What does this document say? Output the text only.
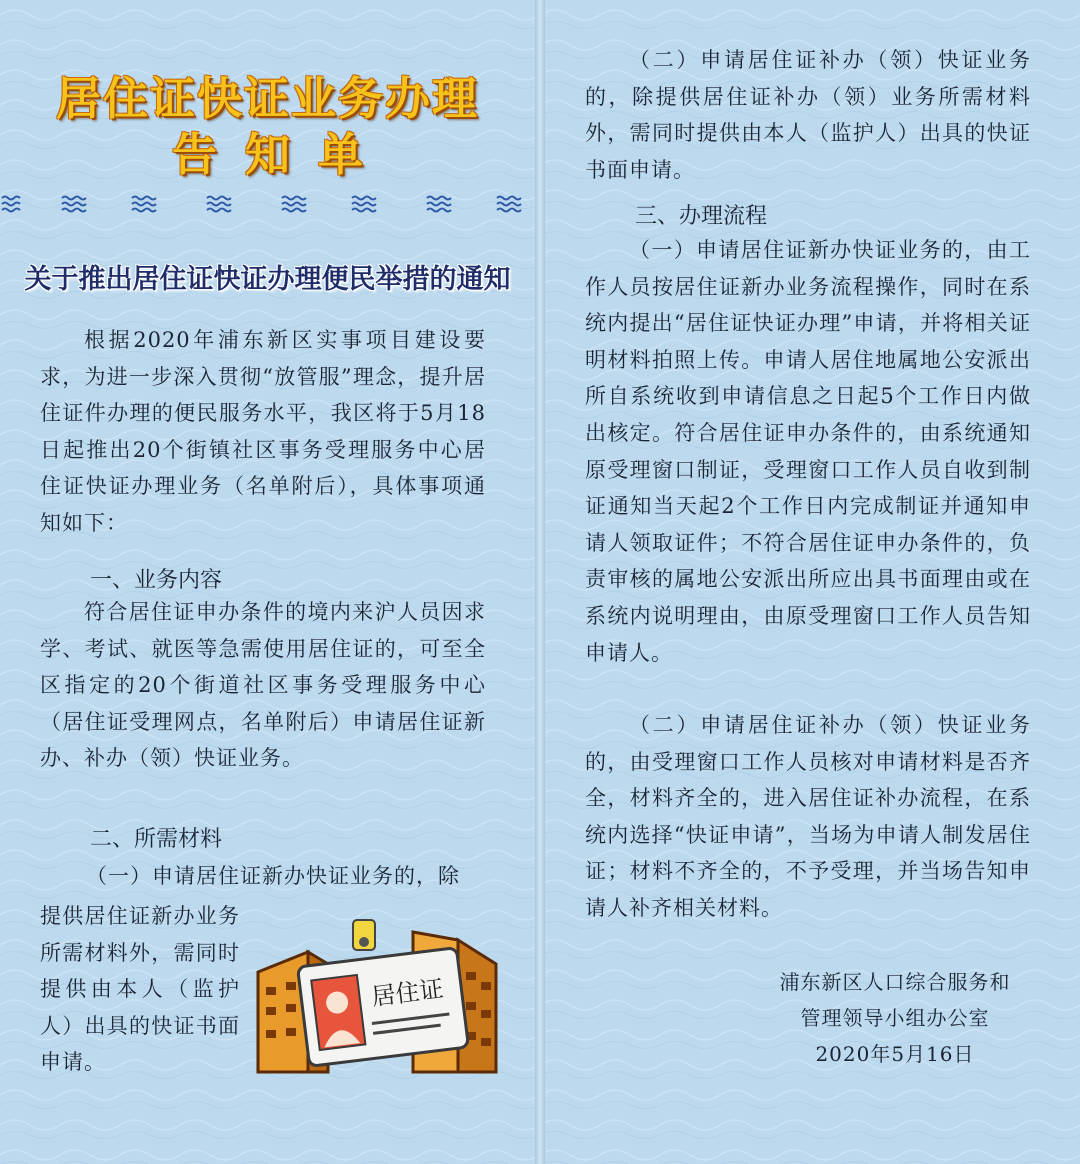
居住证快证业务办理
告知单
关于推出居住证快证办理便民举措的通知
根据2020年浦东新区实事项目建设要求，为进一步深入贯彻“放管服”理念，提升居住证件办理的便民服务水平，我区将于5月18日起推出20个街镇社区事务受理服务中心居住证快证办理业务（名单附后），具体事项通知如下：
一、业务内容
符合居住证申办条件的境内来沪人员因求学、考试、就医等急需使用居住证的，可至全区指定的20个街道社区事务受理服务中心（居住证受理网点，名单附后）申请居住证新办、补办（领）快证业务。
二、所需材料
（一）申请居住证新办快证业务的，除
提供居住证新办业务所需材料外，需同时提供由本人（监护人）出具的快证书面申请。
居住证
（二）申请居住证补办（领）快证业务的，除提供居住证补办（领）业务所需材料外，需同时提供由本人（监护人）出具的快证书面申请。
三、办理流程
（一）申请居住证新办快证业务的，由工作人员按居住证新办业务流程操作，同时在系统内提出“居住证快证办理”申请，并将相关证明材料拍照上传。申请人居住地属地公安派出所自系统收到申请信息之日起5个工作日内做出核定。符合居住证申办条件的，由系统通知原受理窗口制证，受理窗口工作人员自收到制证通知当天起2个工作日内完成制证并通知申请人领取证件；不符合居住证申办条件的，负责审核的属地公安派出所应出具书面理由或在系统内说明理由，由原受理窗口工作人员告知申请人。
（二）申请居住证补办（领）快证业务的，由受理窗口工作人员核对申请材料是否齐全，材料齐全的，进入居住证补办流程，在系统内选择“快证申请”，当场为申请人制发居住证；材料不齐全的，不予受理，并当场告知申请人补齐相关材料。
浦东新区人口综合服务和
管理领导小组办公室
2020年5月16日
